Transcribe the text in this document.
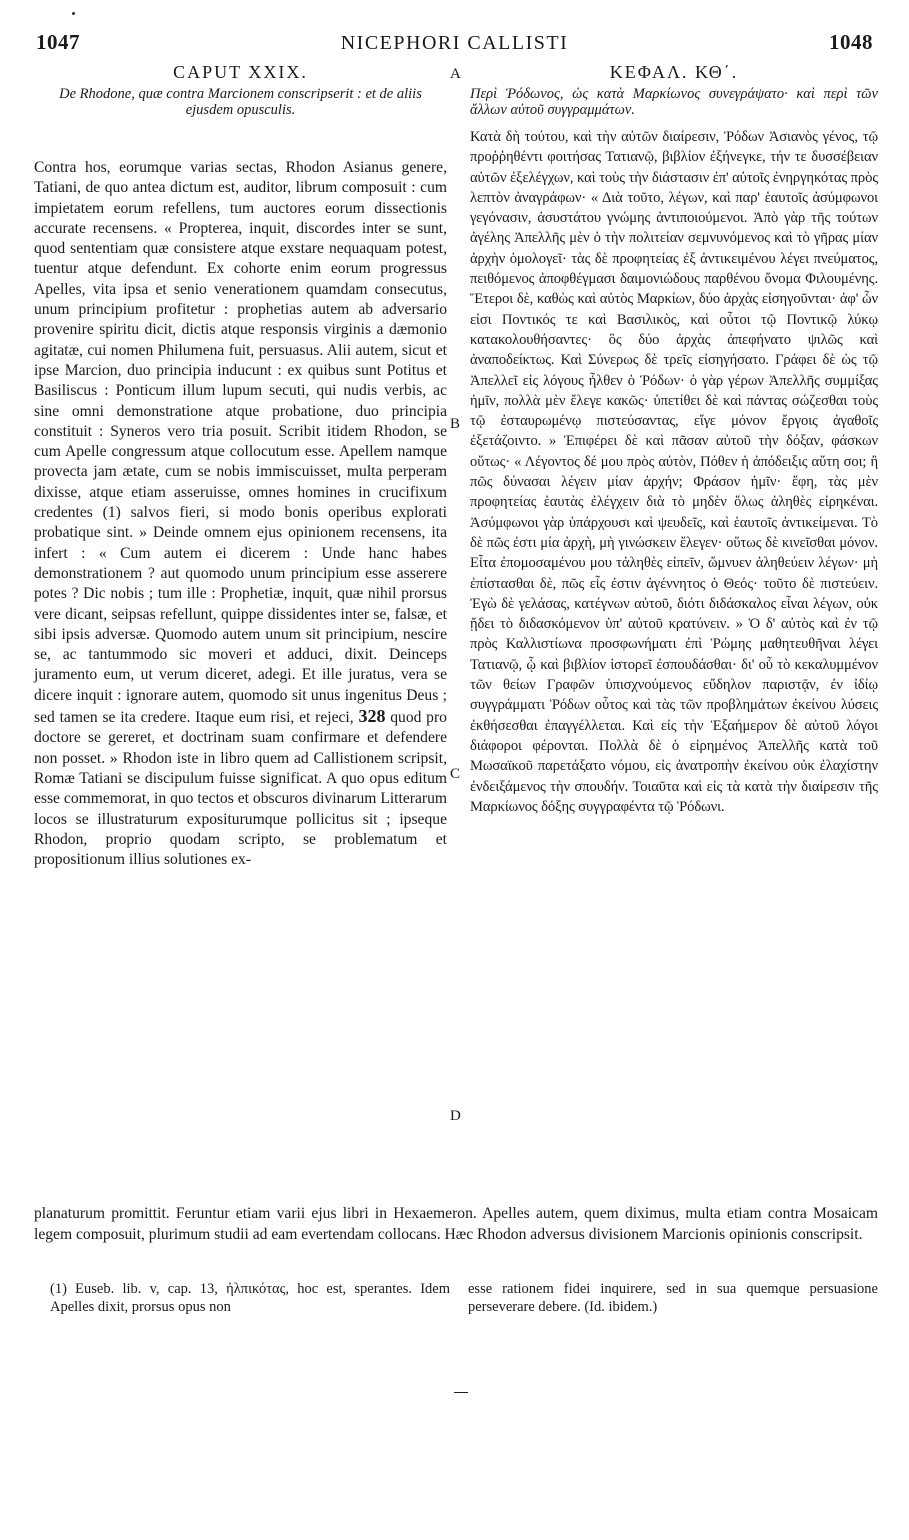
1047	NICEPHORI CALLISTI	1048
A
B
C
D
CAPUT XXIX.
De Rhodone, quæ contra Marcionem conscripserit : et de aliis ejusdem opusculis.

Contra hos, eorumque varias sectas, Rhodon Asianus genere, Tatiani, de quo antea dictum est, auditor, librum composuit : cum impietatem eorum refellens, tum auctores eorum dissectionis accurate recensens. « Propterea, inquit, discordes inter se sunt, quod sententiam quæ consistere atque exstare nequaquam potest, tuentur atque defendunt. Ex cohorte enim eorum progressus Apelles, vita ipsa et senio venerationem quamdam consecutus, unum principium profitetur : prophetias autem ab adversario provenire spiritu dicit, dictis atque responsis virginis a dæmonio agitatæ, cui nomen Philumena fuit, persuasus. Alii autem, sicut et ipse Marcion, duo principia inducunt : ex quibus sunt Potitus et Basiliscus : Ponticum illum lupum secuti, qui nudis verbis, ac sine omni demonstratione atque probatione, duo principia constituit : Syneros vero tria posuit. Scribit itidem Rhodon, se cum Apelle congressum atque collocutum esse. Apellem namque provecta jam ætate, cum se nobis immiscuisset, multa perperam dixisse, atque etiam asseruisse, omnes homines in crucifixum credentes (1) salvos fieri, si modo bonis operibus explorati probatique sint. » Deinde omnem ejus opinionem recensens, ita infert : « Cum autem ei dicerem : Unde hanc habes demonstrationem ? aut quomodo unum principium esse asserere potes ? Dic nobis ; tum ille : Prophetiæ, inquit, quæ nihil prorsus vere dicant, seipsas refellunt, quippe dissidentes inter se, falsæ, et sibi ipsis adversæ. Quomodo autem unum sit principium, nescire se, ac tantummodo sic moveri et adduci, dixit. Deinceps juramento eum, ut verum diceret, adegi. Et ille juratus, vera se dicere inquit : ignorare autem, quomodo sit unus ingenitus Deus ; sed tamen se ita credere. Itaque eum risi, et rejeci, 328 quod pro doctore se gereret, et doctrinam suam confirmare et defendere non posset. » Rhodon iste in libro quem ad Callistionem scripsit, Romæ Tatiani se discipulum fuisse significat. A quo opus editum esse commemorat, in quo tectos et obscuros divinarum Litterarum locos se illustraturum expositurumque pollicitus sit ; ipseque Rhodon, proprio quodam scripto, se problematum et propositionum illius solutiones ex-

ΚΕΦΑΛ. ΚΘ΄.
Περὶ Ῥόδωνος, ὡς κατὰ Μαρκίωνος συνεγράψατο· καὶ περὶ τῶν ἄλλων αὐτοῦ συγγραμμάτων.

Κατὰ δὴ τούτου, καὶ τὴν αὐτῶν διαίρεσιν, Ῥόδων Ἀσιανὸς γένος, τῷ προῤῥηθέντι φοιτήσας Τατιανῷ, βιβλίον ἐξήνεγκε, τήν τε δυσσέβειαν αὐτῶν ἐξελέγχων, καὶ τοὺς τὴν διάστασιν ἐπ' αὐτοῖς ἐνηργηκότας πρὸς λεπτὸν ἀναγράφων· « Διὰ τοῦτο, λέγων, καὶ παρ' ἑαυτοῖς ἀσύμφωνοι γεγόνασιν, ἀσυστάτου γνώμης ἀντιποιούμενοι. Ἀπὸ γὰρ τῆς τούτων ἀγέλης Ἀπελλῆς μὲν ὁ τὴν πολιτείαν σεμνυνόμενος καὶ τὸ γῆρας μίαν ἀρχὴν ὁμολογεῖ· τὰς δὲ προφητείας ἐξ ἀντικειμένου λέγει πνεύματος, πειθόμενος ἀποφθέγμασι δαιμονιώδους παρθένου ὄνομα Φιλουμένης. Ἕτεροι δὲ, καθὼς καὶ αὐτὸς Μαρκίων, δύο ἀρχὰς εἰσηγοῦνται· ἀφ' ὧν εἰσι Ποντικός τε καὶ Βασιλικὸς, καὶ οὗτοι τῷ Ποντικῷ λύκῳ κατακολουθήσαντες· ὃς δύο ἀρχὰς ἀπεφήνατο ψιλῶς καὶ ἀναποδείκτως. Καὶ Σύνερως δὲ τρεῖς εἰσηγήσατο. Γράφει δὲ ὡς τῷ Ἀπελλεῖ εἰς λόγους ἦλθεν ὁ Ῥόδων· ὁ γὰρ γέρων Ἀπελλῆς συμμίξας ἡμῖν, πολλὰ μὲν ἔλεγε κακῶς· ὑπετίθει δὲ καὶ πάντας σώζεσθαι τοὺς τῷ ἐσταυρωμένῳ πιστεύσαντας, εἴγε μόνον ἔργοις ἀγαθοῖς ἐξετάζοιντο. » Ἐπιφέρει δὲ καὶ πᾶσαν αὐτοῦ τὴν δόξαν, φάσκων οὕτως· « Λέγοντος δέ μου πρὸς αὐτὸν, Πόθεν ἡ ἀπόδειξις αὕτη σοι; ἢ πῶς δύνασαι λέγειν μίαν ἀρχήν; Φράσον ἡμῖν· ἔφη, τὰς μὲν προφητείας ἑαυτὰς ἐλέγχειν διὰ τὸ μηδὲν ὅλως ἀληθὲς εἰρηκέναι. Ἀσύμφωνοι γὰρ ὑπάρχουσι καὶ ψευδεῖς, καὶ ἑαυτοῖς ἀντικείμεναι. Τὸ δὲ πῶς ἐστι μία ἀρχὴ, μὴ γινώσκειν ἔλεγεν· οὕτως δὲ κινεῖσθαι μόνον. Εἶτα ἐπομοσαμένου μου τἀληθὲς εἰπεῖν, ὤμνυεν ἀληθεύειν λέγων· μὴ ἐπίστασθαι δὲ, πῶς εἷς ἐστιν ἀγέννητος ὁ Θεός· τοῦτο δὲ πιστεύειν. Ἐγὼ δὲ γελάσας, κατέγνων αὐτοῦ, διότι διδάσκαλος εἶναι λέγων, οὐκ ᾔδει τὸ διδασκόμενον ὑπ' αὐτοῦ κρατύνειν. » Ὁ δ' αὐτὸς καὶ ἐν τῷ πρὸς Καλλιστίωνα προσφωνήματι ἐπὶ Ῥώμης μαθητευθῆναι λέγει Τατιανῷ, ᾧ καὶ βιβλίον ἱστορεῖ ἐσπουδάσθαι· δι' οὗ τὸ κεκαλυμμένον τῶν θείων Γραφῶν ὑπισχνούμενος εὔδηλον παριστᾷν, ἐν ἰδίῳ συγγράμματι Ῥόδων οὗτος καὶ τὰς τῶν προβλημάτων ἐκείνου λύσεις ἐκθήσεσθαι ἐπαγγέλλεται. Καὶ εἰς τὴν Ἑξαήμερον δὲ αὐτοῦ λόγοι διάφοροι φέρονται. Πολλὰ δὲ ὁ εἰρημένος Ἀπελλῆς κατὰ τοῦ Μωσαϊκοῦ παρετάξατο νόμου, εἰς ἀνατροπὴν ἐκείνου οὐκ ἐλαχίστην ἐνδειξάμενος τὴν σπουδήν. Τοιαῦτα καὶ εἰς τὰ κατὰ τὴν διαίρεσιν τῆς Μαρκίωνος δόξης συγγραφέντα τῷ Ῥόδωνι.

planaturum promittit. Feruntur etiam varii ejus libri in Hexaemeron. Apelles autem, quem diximus, multa etiam contra Mosaicam legem composuit, plurimum studii ad eam evertendam collocans. Hæc Rhodon adversus divisionem Marcionis opinionis conscripsit.

(1) Euseb. lib. v, cap. 13, ἠλπικότας, hoc est, sperantes. Idem Apelles dixit, prorsus opus non

esse rationem fidei inquirere, sed in sua quemque persuasione perseverare debere. (Id. ibidem.)
